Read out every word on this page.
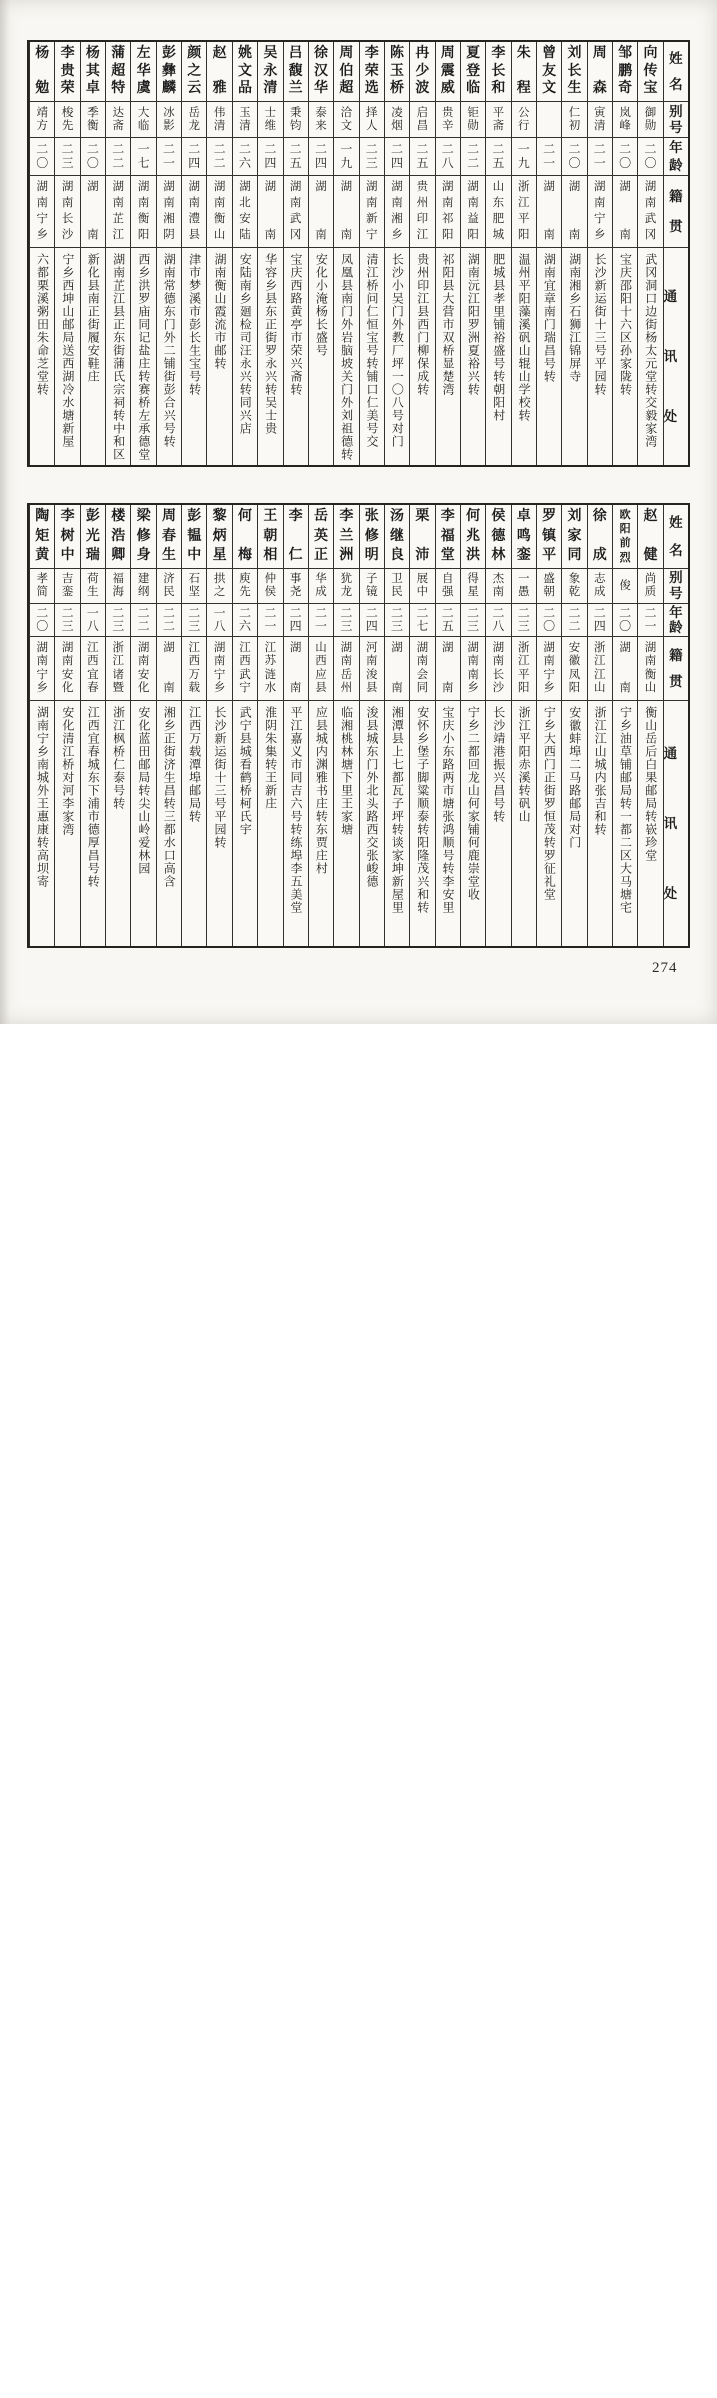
姓
名
别
号
年
龄
籍
贯
通
讯
处
向
传
宝
御
勋
二
〇
湖
南
武
冈
武冈洞口边街杨太元堂转交毅家湾
邹
鹏
奇
岚
峰
二
〇
湖
南
宝庆邵阳十六区孙家陇转
周
森
寅
清
二
一
湖
南
宁
乡
长沙新运街十三号平园转
刘
长
生
仁
初
二
〇
湖
南
湖南湘乡石狮江锦屏寺
曾
友
文
二
一
湖
南
湖南宜章南门瑞昌号转
朱
程
公
行
一
九
浙
江
平
阳
温州平阳藻溪矾山辊山学校转
李
长
和
平
斋
二
五
山
东
肥
城
肥城县孝里铺裕盛号转朝阳村
夏
登
临
钜
勋
二
二
湖
南
益
阳
湖南沅江阳罗洲夏裕兴转
周
震
威
贵
辛
二
八
湖
南
祁
阳
祁阳县大营市双桥显楚湾
冉
少
波
启
昌
二
五
贵
州
印
江
贵州印江县西门柳保成转
陈
玉
桥
凌
烟
二
四
湖
南
湘
乡
长沙小吴门外教厂坪一〇八号对门
李
荣
选
择
人
二
三
湖
南
新
宁
清江桥问仁恒宝号转铺口仁美号交
周
伯
超
洽
文
一
九
湖
南
凤凰县南门外岩脑坡关门外刘祖德转
徐
汉
华
泰
来
二
四
湖
南
安化小淹杨长盛号
吕
馥
兰
秉
钧
二
五
湖
南
武
冈
宝庆西路黄亭市荣兴斋转
吴
永
清
士
维
二
四
湖
南
华容乡县东正街罗永兴转吴士贵
姚
文
品
玉
清
二
六
湖
北
安
陆
安陆南乡廻检司汪永兴转同兴店
赵
雅
伟
清
二
二
湖
南
衡
山
湖南衡山霞流市邮转
颜
之
云
岳
龙
二
四
湖
南
澧
县
津市梦溪市彭长生宝号转
彭
彝
麟
冰
影
二
一
湖
南
湘
阴
湖南常德东门外二铺街彭合兴号转
左
华
虞
大
临
一
七
湖
南
衡
阳
西乡洪罗庙同记盐庄转赛桥左承德堂
蒲
超
特
达
斋
二
二
湖
南
芷
江
湖南芷江县正东街蒲氏宗祠转中和区
杨
其
卓
季
衡
二
〇
湖
南
新化县南正街履安鞋庄
李
贵
荣
梭
先
二
三
湖
南
长
沙
宁乡西坤山邮局送西湖冷水塘新屋
杨
勉
靖
方
二
〇
湖
南
宁
乡
六都栗溪粥田朱命芝堂转
姓
名
别
号
年
龄
籍
贯
通
讯
处
赵
健
尚
质
二
一
湖
南
衡
山
衡山岳后白果邮局转嵚珍堂
欧
阳
前
烈
俊
二
〇
湖
南
宁乡油草铺邮局转一都二区大马塘宅
徐
成
志
成
二
四
浙
江
江
山
浙江江山城内张吉和转
刘
家
同
象
乾
二
二
安
徽
凤
阳
安徽蚌埠二马路邮局对门
罗
镇
平
盛
朝
二
〇
湖
南
宁
乡
宁乡大西门正街罗恒茂转罗征礼堂
卓
鸣
銮
一
愚
二
三
浙
江
平
阳
浙江平阳赤溪转矾山
侯
德
林
杰
南
二
八
湖
南
长
沙
长沙靖港振兴昌号转
何
兆
洪
得
星
二
三
湖
南
南
乡
宁乡二都回龙山何家铺何鹿崇堂收
李
福
堂
自
强
二
五
湖
南
宝庆小东路两市塘张鸿顺号转李安里
栗
沛
展
中
二
七
湖
南
会
同
安怀乡堡子脚粱顺泰转阳隆茂兴和转
汤
继
良
卫
民
二
三
湖
南
湘潭县上七都瓦子坪转谈家坤新屋里
张
修
明
子
镜
二
四
河
南
浚
县
浚县城东门外北头路西交张峻德
李
兰
洲
犹
龙
二
三
湖
南
岳
州
临湘桃林塘下里王家塘
岳
英
正
华
成
二
一
山
西
应
县
应县城内渊雅书庄转东贾庄村
李
仁
事
尧
二
四
湖
南
平江嘉义市同吉六号转练埠李五美堂
王
朝
相
仲
侯
二
一
江
苏
涟
水
淮阴朱集转王新庄
何
梅
庾
先
二
六
江
西
武
宁
武宁县城看鹤桥柯氏宇
黎
炳
星
拱
之
一
八
湖
南
宁
乡
长沙新运街十三号平园转
彭
韫
中
石
坚
二
三
江
西
万
载
江西万载潭埠邮局转
周
春
生
济
民
二
二
湖
南
湘乡正街济生昌转三都水口高含
梁
修
身
建
纲
二
二
湖
南
安
化
安化蓝田邮局转尖山岭爱林园
楼
浩
卿
福
海
二
三
浙
江
诸
暨
浙江枫桥仁泰号转
彭
光
瑞
荷
生
一
八
江
西
宜
春
江西宜春城东下浦市德厚昌号转
李
树
中
吉
銮
二
三
湖
南
安
化
安化清江桥对河李家湾
陶
矩
黄
孝
简
二
〇
湖
南
宁
乡
湖南宁乡南城外王惠康转高坝寄
274
